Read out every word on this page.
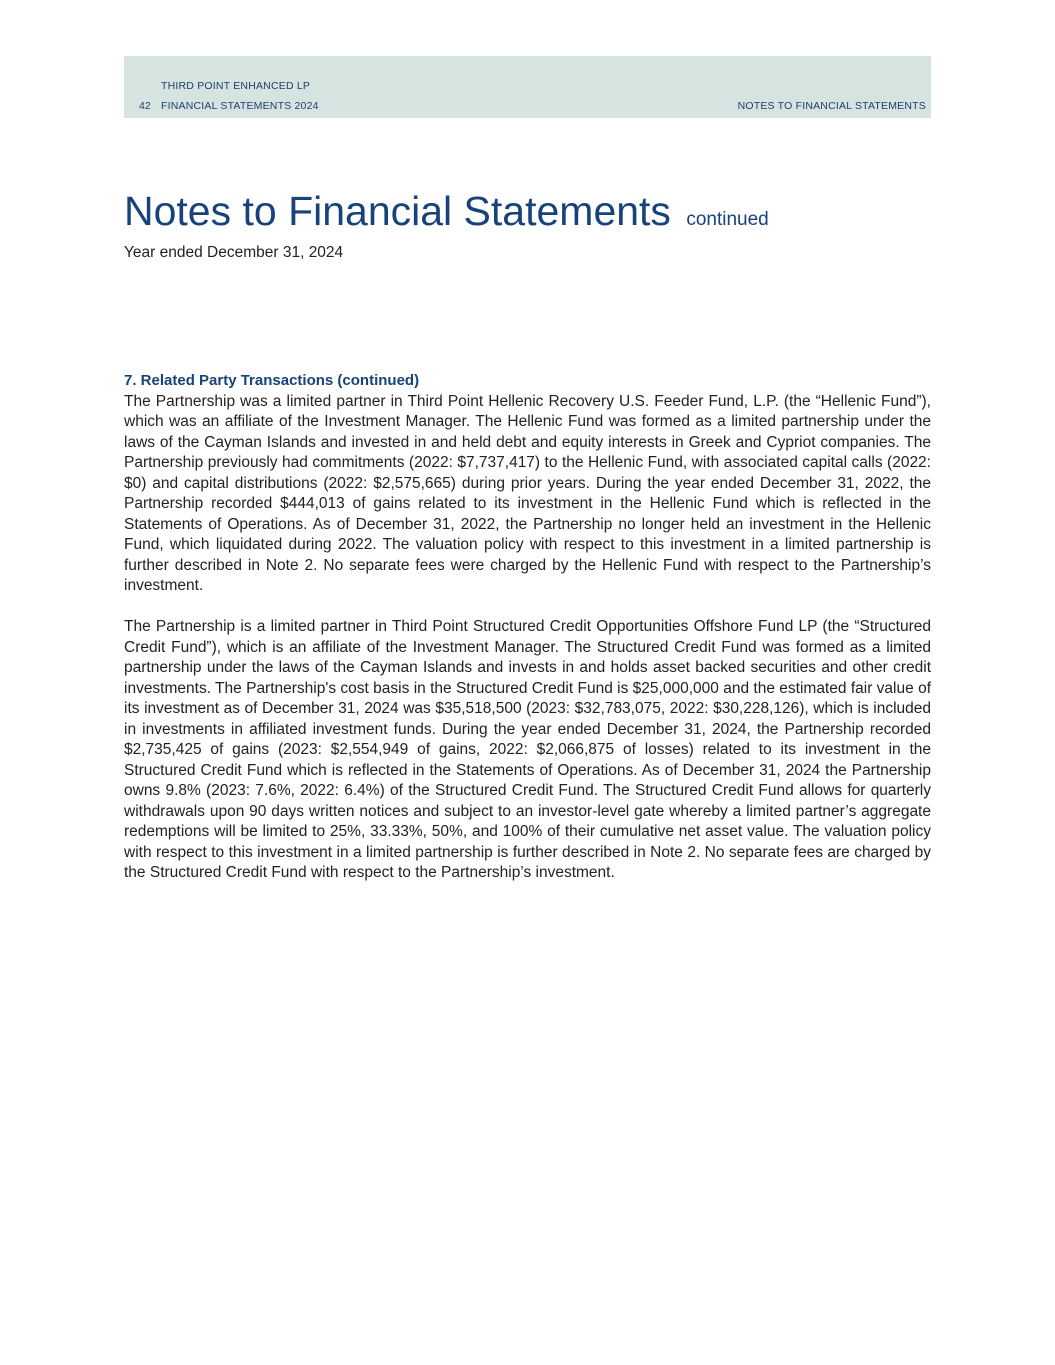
THIRD POINT ENHANCED LP
42 FINANCIAL STATEMENTS 2024	NOTES TO FINANCIAL STATEMENTS
Notes to Financial Statements continued
Year ended December 31, 2024
7. Related Party Transactions (continued)

The Partnership was a limited partner in Third Point Hellenic Recovery U.S. Feeder Fund, L.P. (the “Hellenic Fund”), which was an affiliate of the Investment Manager. The Hellenic Fund was formed as a limited partnership under the laws of the Cayman Islands and invested in and held debt and equity interests in Greek and Cypriot companies. The Partnership previously had commitments (2022: $7,737,417) to the Hellenic Fund, with associated capital calls (2022: $0) and capital distributions (2022: $2,575,665) during prior years. During the year ended December 31, 2022, the Partnership recorded $444,013 of gains related to its investment in the Hellenic Fund which is reflected in the Statements of Operations. As of December 31, 2022, the Partnership no longer held an investment in the Hellenic Fund, which liquidated during 2022. The valuation policy with respect to this investment in a limited partnership is further described in Note 2. No separate fees were charged by the Hellenic Fund with respect to the Partnership’s investment.

The Partnership is a limited partner in Third Point Structured Credit Opportunities Offshore Fund LP (the “Structured Credit Fund”), which is an affiliate of the Investment Manager. The Structured Credit Fund was formed as a limited partnership under the laws of the Cayman Islands and invests in and holds asset backed securities and other credit investments. The Partnership's cost basis in the Structured Credit Fund is $25,000,000 and the estimated fair value of its investment as of December 31, 2024 was $35,518,500 (2023: $32,783,075, 2022: $30,228,126), which is included in investments in affiliated investment funds. During the year ended December 31, 2024, the Partnership recorded $2,735,425 of gains (2023: $2,554,949 of gains, 2022: $2,066,875 of losses) related to its investment in the Structured Credit Fund which is reflected in the Statements of Operations. As of December 31, 2024 the Partnership owns 9.8% (2023: 7.6%, 2022: 6.4%) of the Structured Credit Fund. The Structured Credit Fund allows for quarterly withdrawals upon 90 days written notices and subject to an investor-level gate whereby a limited partner’s aggregate redemptions will be limited to 25%, 33.33%, 50%, and 100% of their cumulative net asset value. The valuation policy with respect to this investment in a limited partnership is further described in Note 2. No separate fees are charged by the Structured Credit Fund with respect to the Partnership’s investment.
